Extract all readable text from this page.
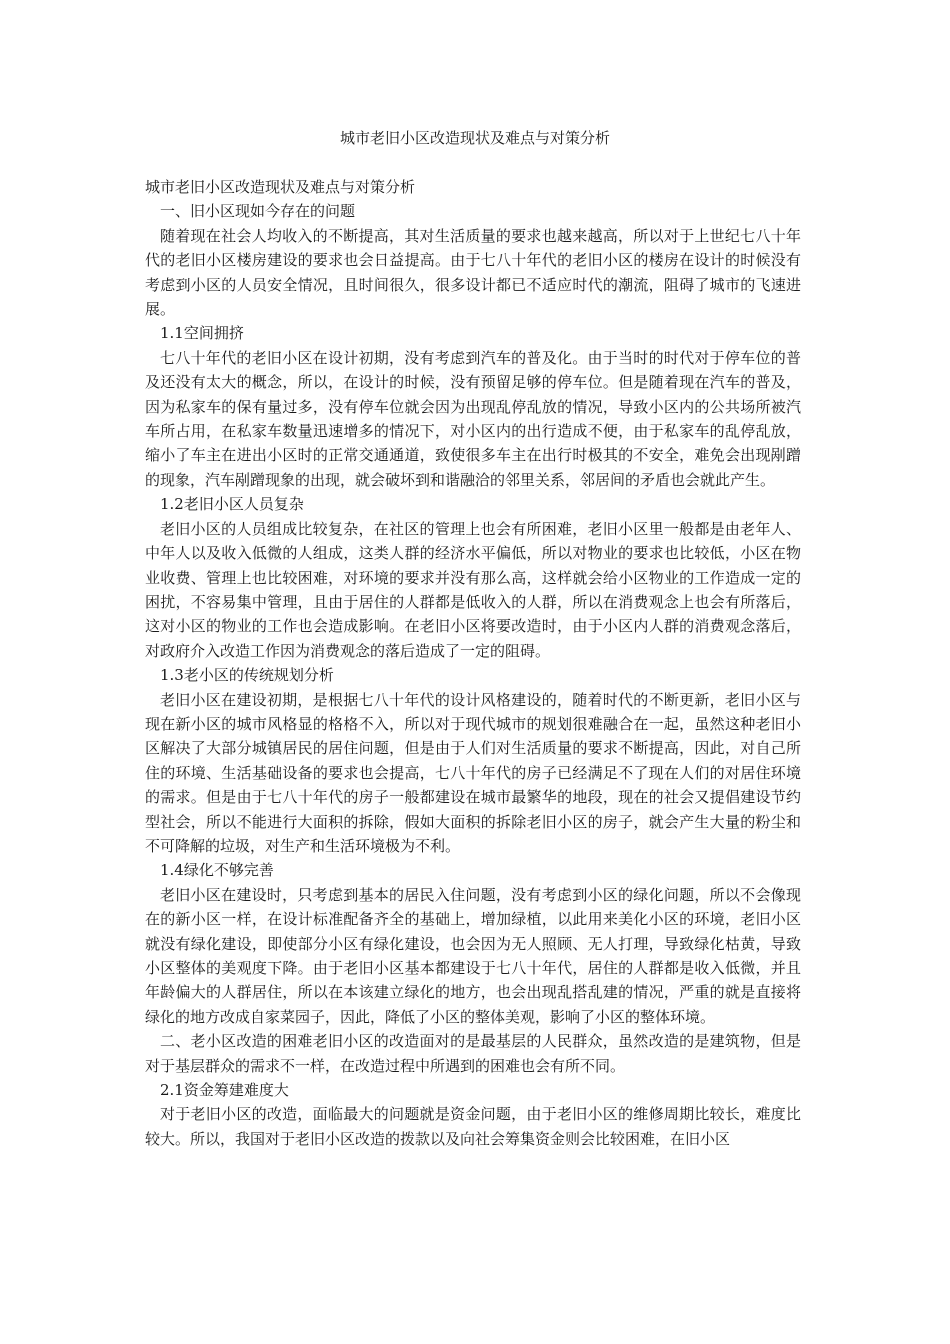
城市老旧小区改造现状及难点与对策分析

城市老旧小区改造现状及难点与对策分析

一、旧小区现如今存在的问题

随着现在社会人均收入的不断提高，其对生活质量的要求也越来越高，所以对于上世纪七八十年代的老旧小区楼房建设的要求也会日益提高。由于七八十年代的老旧小区的楼房在设计的时候没有考虑到小区的人员安全情况，且时间很久，很多设计都已不适应时代的潮流，阻碍了城市的飞速进展。

1.1空间拥挤

七八十年代的老旧小区在设计初期，没有考虑到汽车的普及化。由于当时的时代对于停车位的普及还没有太大的概念，所以，在设计的时候，没有预留足够的停车位。但是随着现在汽车的普及，因为私家车的保有量过多，没有停车位就会因为出现乱停乱放的情况，导致小区内的公共场所被汽车所占用，在私家车数量迅速增多的情况下，对小区内的出行造成不便，由于私家车的乱停乱放，缩小了车主在进出小区时的正常交通通道，致使很多车主在出行时极其的不安全，难免会出现剐蹭的现象，汽车剐蹭现象的出现，就会破坏到和谐融洽的邻里关系，邻居间的矛盾也会就此产生。

1.2老旧小区人员复杂

老旧小区的人员组成比较复杂，在社区的管理上也会有所困难，老旧小区里一般都是由老年人、中年人以及收入低微的人组成，这类人群的经济水平偏低，所以对物业的要求也比较低，小区在物业收费、管理上也比较困难，对环境的要求并没有那么高，这样就会给小区物业的工作造成一定的困扰，不容易集中管理，且由于居住的人群都是低收入的人群，所以在消费观念上也会有所落后，这对小区的物业的工作也会造成影响。在老旧小区将要改造时，由于小区内人群的消费观念落后，对政府介入改造工作因为消费观念的落后造成了一定的阻碍。

1.3老小区的传统规划分析

老旧小区在建设初期，是根据七八十年代的设计风格建设的，随着时代的不断更新，老旧小区与现在新小区的城市风格显的格格不入，所以对于现代城市的规划很难融合在一起，虽然这种老旧小区解决了大部分城镇居民的居住问题，但是由于人们对生活质量的要求不断提高，因此，对自己所住的环境、生活基础设备的要求也会提高，七八十年代的房子已经满足不了现在人们的对居住环境的需求。但是由于七八十年代的房子一般都建设在城市最繁华的地段，现在的社会又提倡建设节约型社会，所以不能进行大面积的拆除，假如大面积的拆除老旧小区的房子，就会产生大量的粉尘和不可降解的垃圾，对生产和生活环境极为不利。

1.4绿化不够完善

老旧小区在建设时，只考虑到基本的居民入住问题，没有考虑到小区的绿化问题，所以不会像现在的新小区一样，在设计标准配备齐全的基础上，增加绿植，以此用来美化小区的环境，老旧小区就没有绿化建设，即使部分小区有绿化建设，也会因为无人照顾、无人打理，导致绿化枯黄，导致小区整体的美观度下降。由于老旧小区基本都建设于七八十年代，居住的人群都是收入低微，并且年龄偏大的人群居住，所以在本该建立绿化的地方，也会出现乱搭乱建的情况，严重的就是直接将绿化的地方改成自家菜园子，因此，降低了小区的整体美观，影响了小区的整体环境。

二、老小区改造的困难老旧小区的改造面对的是最基层的人民群众，虽然改造的是建筑物，但是对于基层群众的需求不一样，在改造过程中所遇到的困难也会有所不同。

2.1资金筹建难度大

对于老旧小区的改造，面临最大的问题就是资金问题，由于老旧小区的维修周期比较长，难度比较大。所以，我国对于老旧小区改造的拨款以及向社会筹集资金则会比较困难，在旧小区
